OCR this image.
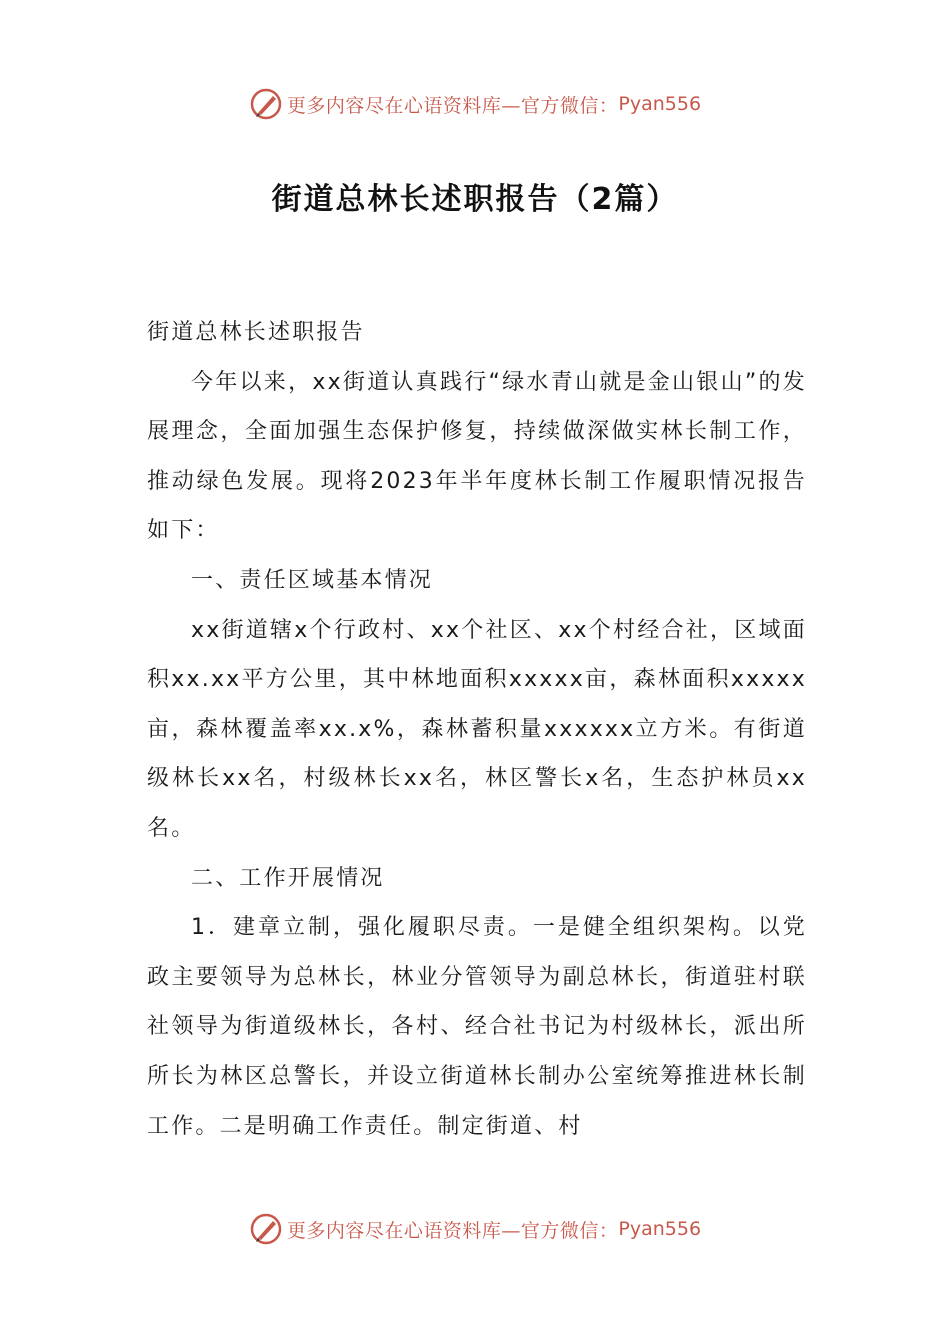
更多内容尽在心语资料库—官方微信： Pyan556
街道总林长述职报告（2篇）

街道总林长述职报告

今年以来，xx街道认真践行“绿水青山就是金山银山”的发展理念，全面加强生态保护修复，持续做深做实林长制工作，推动绿色发展。现将2023年半年度林长制工作履职情况报告如下：

一、责任区域基本情况

xx街道辖x个行政村、xx个社区、xx个村经合社，区域面积xx.xx平方公里，其中林地面积xxxxx亩，森林面积xxxxx亩，森林覆盖率xx.x%，森林蓄积量xxxxxx立方米。有街道级林长xx名，村级林长xx名，林区警长x名，生态护林员xx名。

二、工作开展情况

1．建章立制，强化履职尽责。一是健全组织架构。以党政主要领导为总林长，林业分管领导为副总林长，街道驻村联社领导为街道级林长，各村、经合社书记为村级林长，派出所所长为林区总警长，并设立街道林长制办公室统筹推进林长制工作。二是明确工作责任。制定街道、村

更多内容尽在心语资料库—官方微信： Pyan556
